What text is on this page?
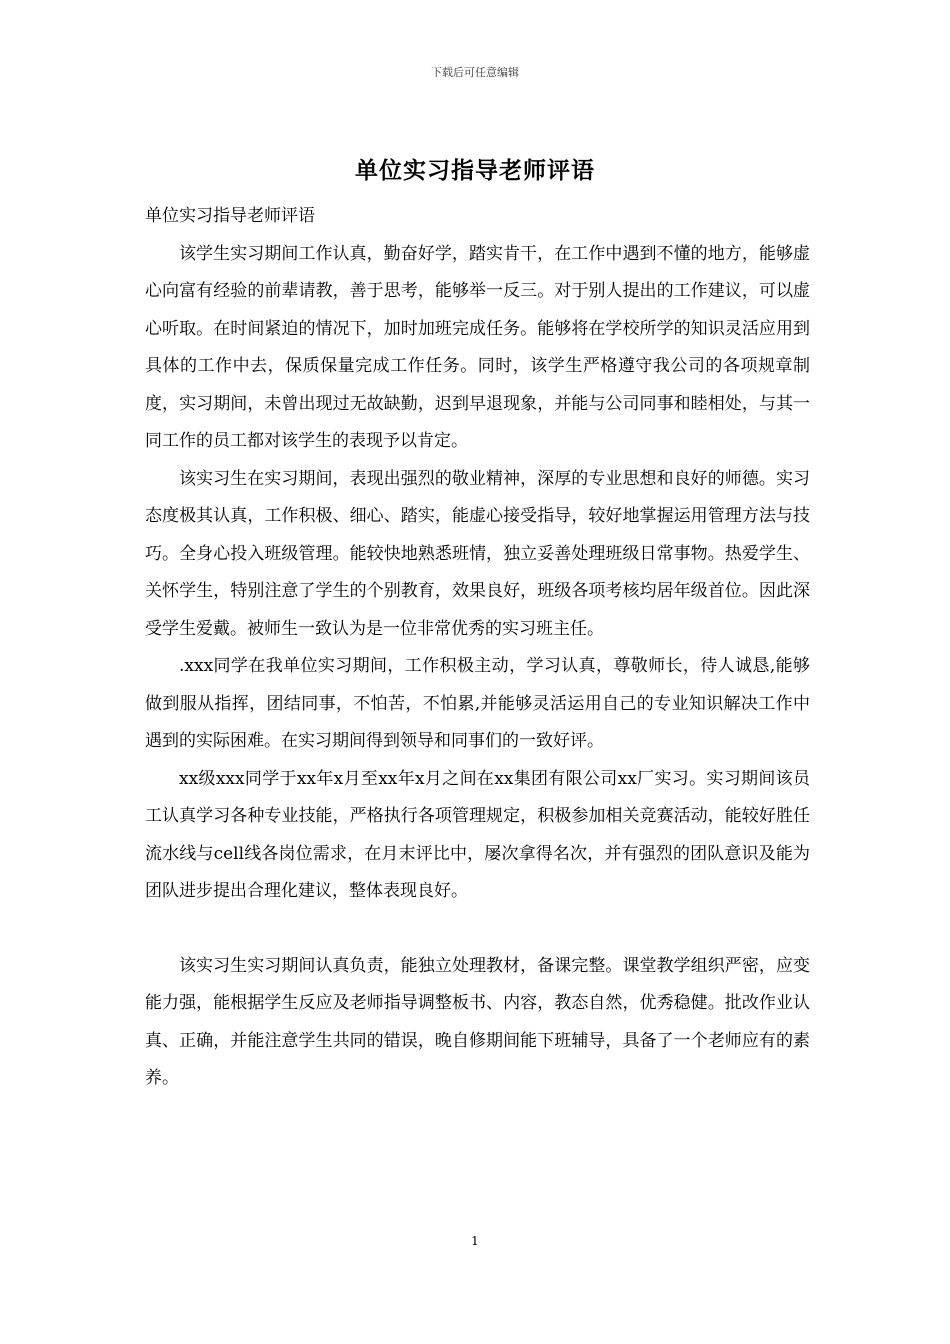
下载后可任意编辑
单位实习指导老师评语

单位实习指导老师评语

该学生实习期间工作认真，勤奋好学，踏实肯干，在工作中遇到不懂的地方，能够虚心向富有经验的前辈请教，善于思考，能够举一反三。对于别人提出的工作建议，可以虚心听取。在时间紧迫的情况下，加时加班完成任务。能够将在学校所学的知识灵活应用到具体的工作中去，保质保量完成工作任务。同时，该学生严格遵守我公司的各项规章制度，实习期间，未曾出现过无故缺勤，迟到早退现象，并能与公司同事和睦相处，与其一同工作的员工都对该学生的表现予以肯定。

该实习生在实习期间，表现出强烈的敬业精神，深厚的专业思想和良好的师德。实习态度极其认真，工作积极、细心、踏实，能虚心接受指导，较好地掌握运用管理方法与技巧。全身心投入班级管理。能较快地熟悉班情，独立妥善处理班级日常事物。热爱学生、关怀学生，特别注意了学生的个别教育，效果良好，班级各项考核均居年级首位。因此深受学生爱戴。被师生一致认为是一位非常优秀的实习班主任。

.xxx同学在我单位实习期间，工作积极主动，学习认真，尊敬师长，待人诚恳,能够做到服从指挥，团结同事，不怕苦，不怕累,并能够灵活运用自己的专业知识解决工作中遇到的实际困难。在实习期间得到领导和同事们的一致好评。

xx级xxx同学于xx年x月至xx年x月之间在xx集团有限公司xx厂实习。实习期间该员工认真学习各种专业技能，严格执行各项管理规定，积极参加相关竞赛活动，能较好胜任流水线与cell线各岗位需求，在月末评比中，屡次拿得名次，并有强烈的团队意识及能为团队进步提出合理化建议，整体表现良好。

该实习生实习期间认真负责，能独立处理教材，备课完整。课堂教学组织严密，应变能力强，能根据学生反应及老师指导调整板书、内容，教态自然，优秀稳健。批改作业认真、正确，并能注意学生共同的错误，晚自修期间能下班辅导，具备了一个老师应有的素养。

1
